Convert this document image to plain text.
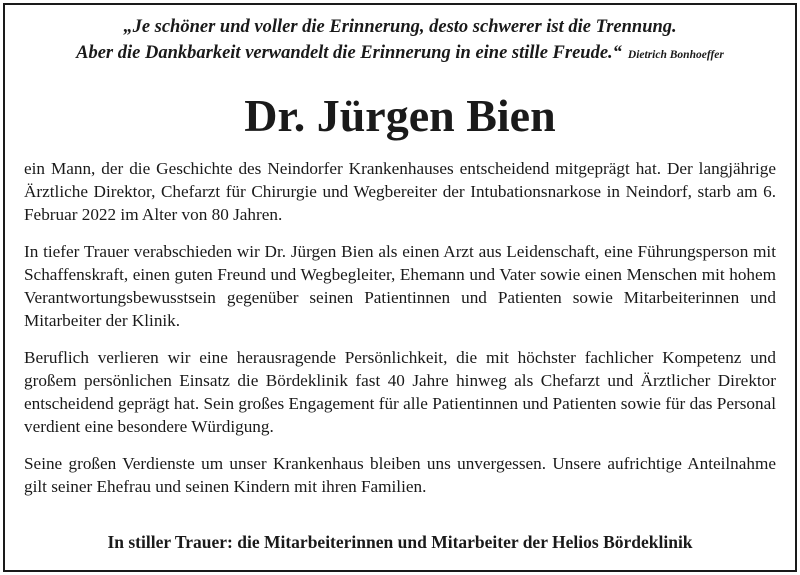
„Je schöner und voller die Erinnerung, desto schwerer ist die Trennung.
Aber die Dankbarkeit verwandelt die Erinnerung in eine stille Freude.“ Dietrich Bonhoeffer
Dr. Jürgen Bien

ein Mann, der die Geschichte des Neindorfer Krankenhauses entscheidend mitgeprägt hat. Der langjährige Ärztliche Direktor, Chefarzt für Chirurgie und Wegbereiter der Intubationsnarkose in Neindorf, starb am 6. Februar 2022 im Alter von 80 Jahren.

In tiefer Trauer verabschieden wir Dr. Jürgen Bien als einen Arzt aus Leidenschaft, eine Führungsperson mit Schaffenskraft, einen guten Freund und Wegbegleiter, Ehemann und Vater sowie einen Menschen mit hohem Verantwortungsbewusstsein gegenüber seinen Patientinnen und Patienten sowie Mitarbeiterinnen und Mitarbeiter der Klinik.

Beruflich verlieren wir eine herausragende Persönlichkeit, die mit höchster fachlicher Kompetenz und großem persönlichen Einsatz die Bördeklinik fast 40 Jahre hinweg als Chefarzt und Ärztlicher Direktor entscheidend geprägt hat. Sein großes Engagement für alle Patientinnen und Patienten sowie für das Personal verdient eine besondere Würdigung.

Seine großen Verdienste um unser Krankenhaus bleiben uns unvergessen. Unsere aufrichtige Anteilnahme gilt seiner Ehefrau und seinen Kindern mit ihren Familien.

In stiller Trauer: die Mitarbeiterinnen und Mitarbeiter der Helios Bördeklinik
